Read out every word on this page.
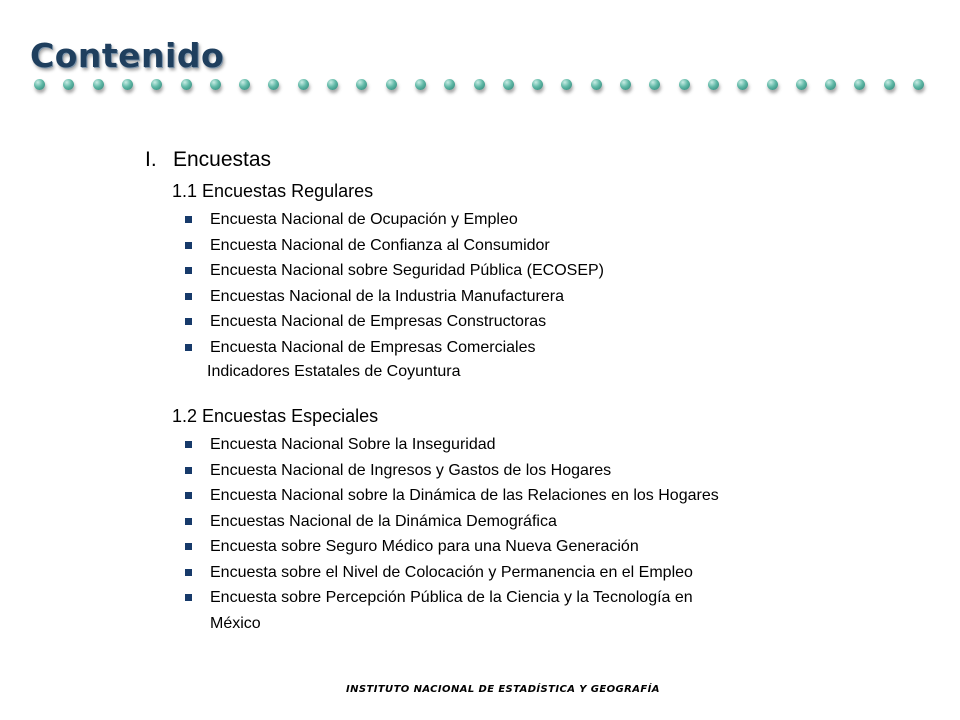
Contenido
I. Encuestas
1.1 Encuestas Regulares
Encuesta Nacional de Ocupación y Empleo
Encuesta Nacional de Confianza al Consumidor
Encuesta Nacional sobre Seguridad Pública (ECOSEP)
Encuestas Nacional de la Industria Manufacturera
Encuesta Nacional de Empresas Constructoras
Encuesta Nacional de Empresas Comerciales
Indicadores Estatales de Coyuntura
1.2 Encuestas Especiales
Encuesta Nacional Sobre la Inseguridad
Encuesta Nacional de Ingresos y Gastos de los Hogares
Encuesta Nacional sobre la Dinámica de las Relaciones en los Hogares
Encuestas Nacional de la Dinámica Demográfica
Encuesta sobre Seguro Médico para una Nueva Generación
Encuesta sobre el Nivel de Colocación y Permanencia en el Empleo
Encuesta sobre Percepción Pública de la Ciencia y la Tecnología en
México
INSTITUTO NACIONAL DE ESTADÍSTICA Y GEOGRAFÍA
